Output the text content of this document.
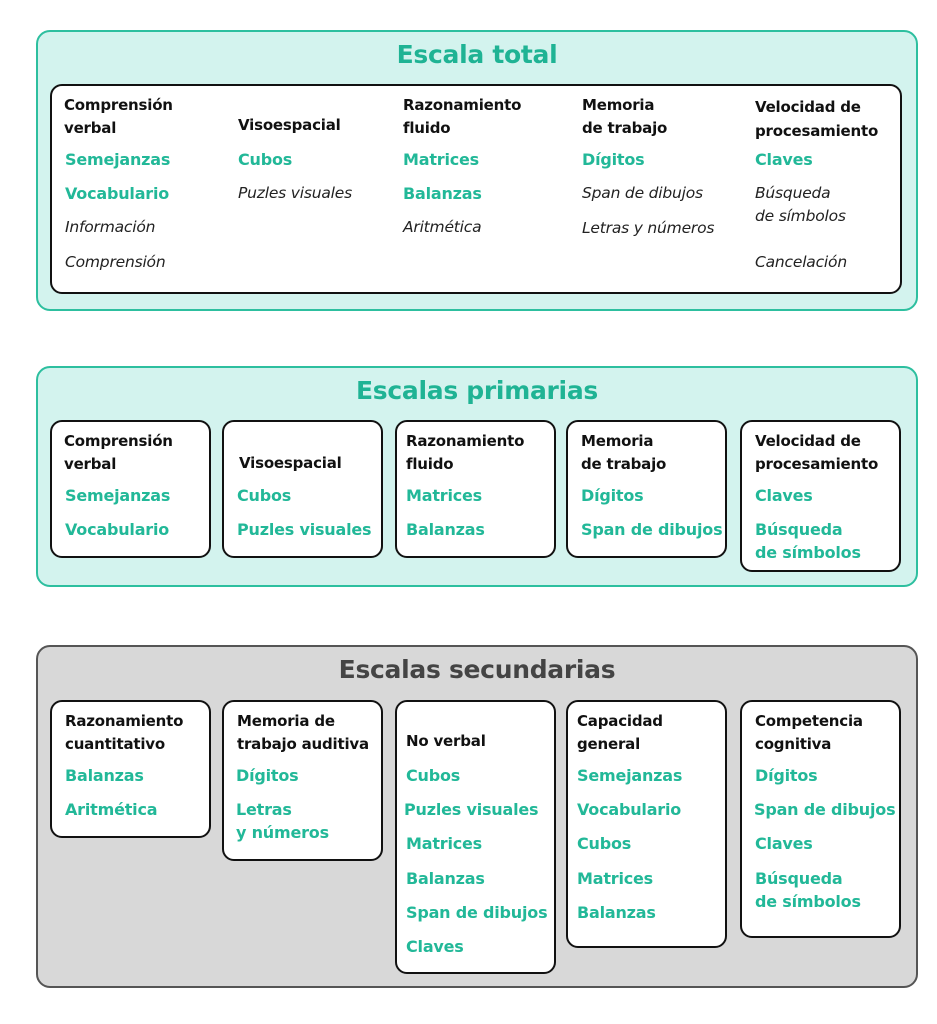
Escala total
Comprensión
verbal
Semejanzas
Vocabulario
Información
Comprensión
Visoespacial
Cubos
Puzles visuales
Razonamiento
fluido
Matrices
Balanzas
Aritmética
Memoria
de trabajo
Dígitos
Span de dibujos
Letras y números
Velocidad de
procesamiento
Claves
Búsqueda
de símbolos
Cancelación
Escalas primarias
Comprensión
verbal
Semejanzas
Vocabulario
Visoespacial
Cubos
Puzles visuales
Razonamiento
fluido
Matrices
Balanzas
Memoria
de trabajo
Dígitos
Span de dibujos
Velocidad de
procesamiento
Claves
Búsqueda
de símbolos
Escalas secundarias
Razonamiento
cuantitativo
Balanzas
Aritmética
Memoria de
trabajo auditiva
Dígitos
Letras
y números
No verbal
Cubos
Puzles visuales
Matrices
Balanzas
Span de dibujos
Claves
Capacidad
general
Semejanzas
Vocabulario
Cubos
Matrices
Balanzas
Competencia
cognitiva
Dígitos
Span de dibujos
Claves
Búsqueda
de símbolos
